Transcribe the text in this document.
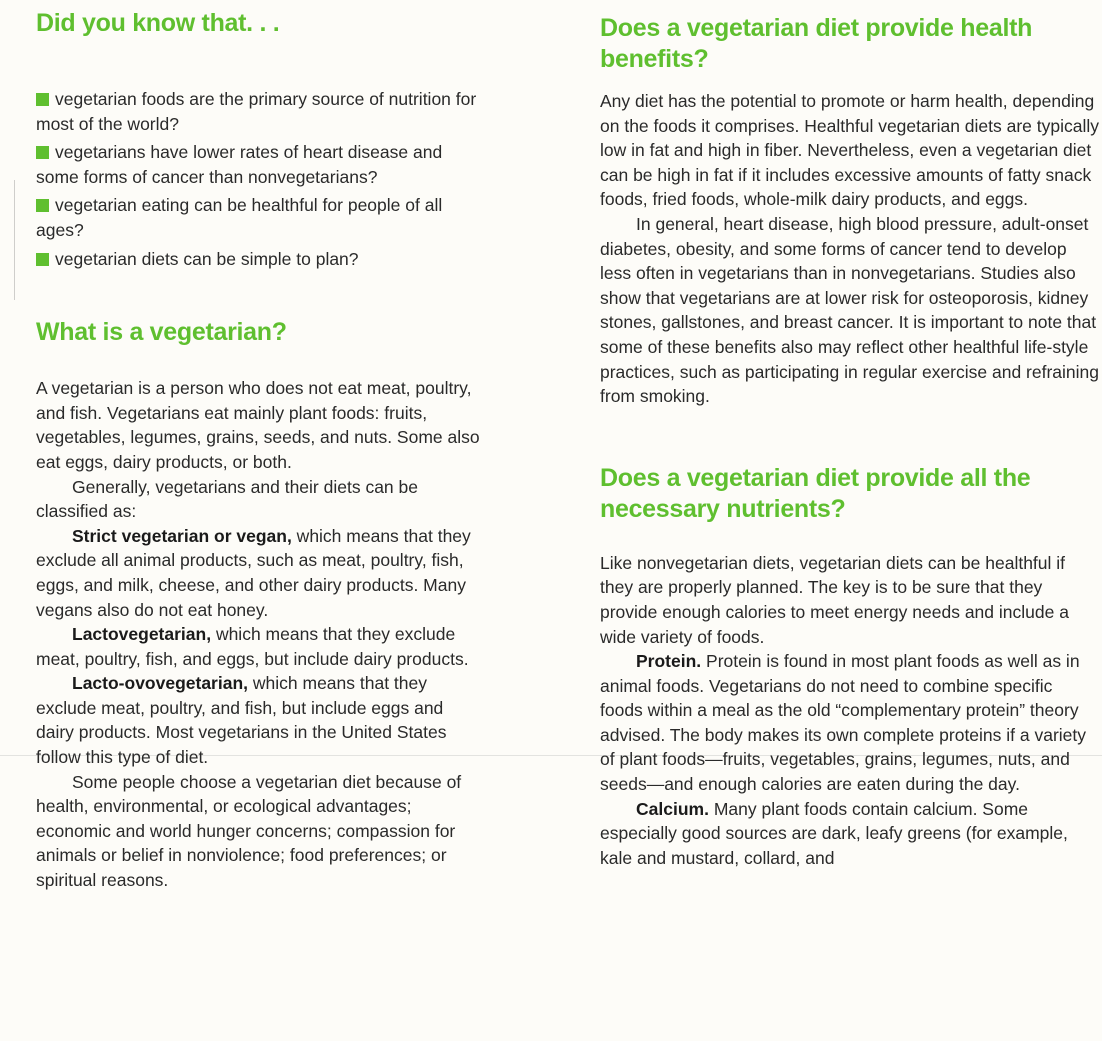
Did you know that. . .

vegetarian foods are the primary source of nutrition for most of the world?

vegetarians have lower rates of heart disease and some forms of cancer than nonvegetarians?

vegetarian eating can be healthful for people of all ages?

vegetarian diets can be simple to plan?

What is a vegetarian?

A vegetarian is a person who does not eat meat, poultry, and fish. Vegetarians eat mainly plant foods: fruits, vegetables, legumes, grains, seeds, and nuts. Some also eat eggs, dairy products, or both.

Generally, vegetarians and their diets can be classified as:

Strict vegetarian or vegan, which means that they exclude all animal products, such as meat, poultry, fish, eggs, and milk, cheese, and other dairy products. Many vegans also do not eat honey.

Lactovegetarian, which means that they exclude meat, poultry, fish, and eggs, but include dairy products.

Lacto-ovovegetarian, which means that they exclude meat, poultry, and fish, but include eggs and dairy products. Most vegetarians in the United States follow this type of diet.

Some people choose a vegetarian diet because of health, environmental, or ecological advantages; economic and world hunger concerns; compassion for animals or belief in nonviolence; food preferences; or spiritual reasons.

Does a vegetarian diet provide health benefits?

Any diet has the potential to promote or harm health, depending on the foods it comprises. Healthful vegetarian diets are typically low in fat and high in fiber. Nevertheless, even a vegetarian diet can be high in fat if it includes excessive amounts of fatty snack foods, fried foods, whole-milk dairy products, and eggs.

In general, heart disease, high blood pressure, adult-onset diabetes, obesity, and some forms of cancer tend to develop less often in vegetarians than in nonvegetarians. Studies also show that vegetarians are at lower risk for osteoporosis, kidney stones, gallstones, and breast cancer. It is important to note that some of these benefits also may reflect other healthful life-style practices, such as participating in regular exercise and refraining from smoking.

Does a vegetarian diet provide all the necessary nutrients?

Like nonvegetarian diets, vegetarian diets can be healthful if they are properly planned. The key is to be sure that they provide enough calories to meet energy needs and include a wide variety of foods.

Protein. Protein is found in most plant foods as well as in animal foods. Vegetarians do not need to combine specific foods within a meal as the old “complementary protein” theory advised. The body makes its own complete proteins if a variety of plant foods—fruits, vegetables, grains, legumes, nuts, and seeds—and enough calories are eaten during the day.

Calcium. Many plant foods contain calcium. Some especially good sources are dark, leafy greens (for example, kale and mustard, collard, and
